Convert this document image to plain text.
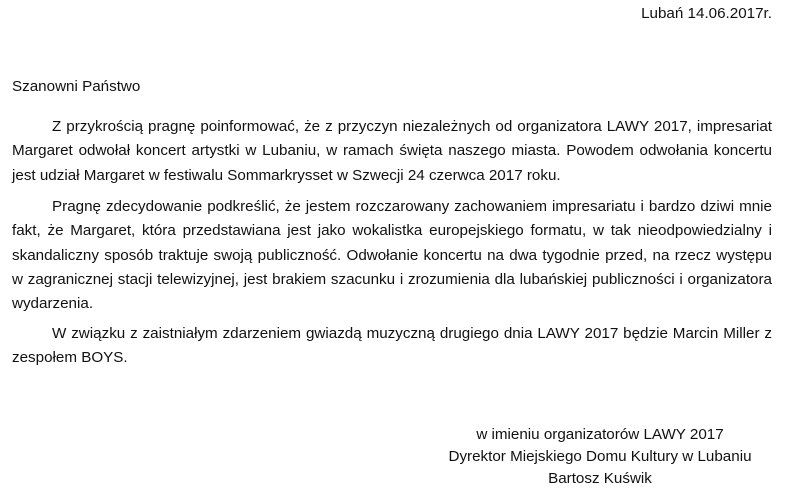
Lubań 14.06.2017r.
Szanowni Państwo

Z przykrością pragnę poinformować, że z przyczyn niezależnych od organizatora LAWY 2017, impresariat Margaret odwołał koncert artystki w Lubaniu, w ramach święta naszego miasta. Powodem odwołania koncertu jest udział Margaret w festiwalu Sommarkrysset w Szwecji 24 czerwca 2017 roku.

Pragnę zdecydowanie podkreślić, że jestem rozczarowany zachowaniem impresariatu i bardzo dziwi mnie fakt, że Margaret, która przedstawiana jest jako wokalistka europejskiego formatu, w tak nieodpowiedzialny i skandaliczny sposób traktuje swoją publiczność. Odwołanie koncertu na dwa tygodnie przed, na rzecz występu w zagranicznej stacji telewizyjnej, jest brakiem szacunku i zrozumienia dla lubańskiej publiczności i organizatora wydarzenia.

W związku z zaistniałym zdarzeniem gwiazdą muzyczną drugiego dnia LAWY 2017 będzie Marcin Miller z zespołem BOYS.

w imieniu organizatorów LAWY 2017
Dyrektor Miejskiego Domu Kultury w Lubaniu
Bartosz Kuświk
